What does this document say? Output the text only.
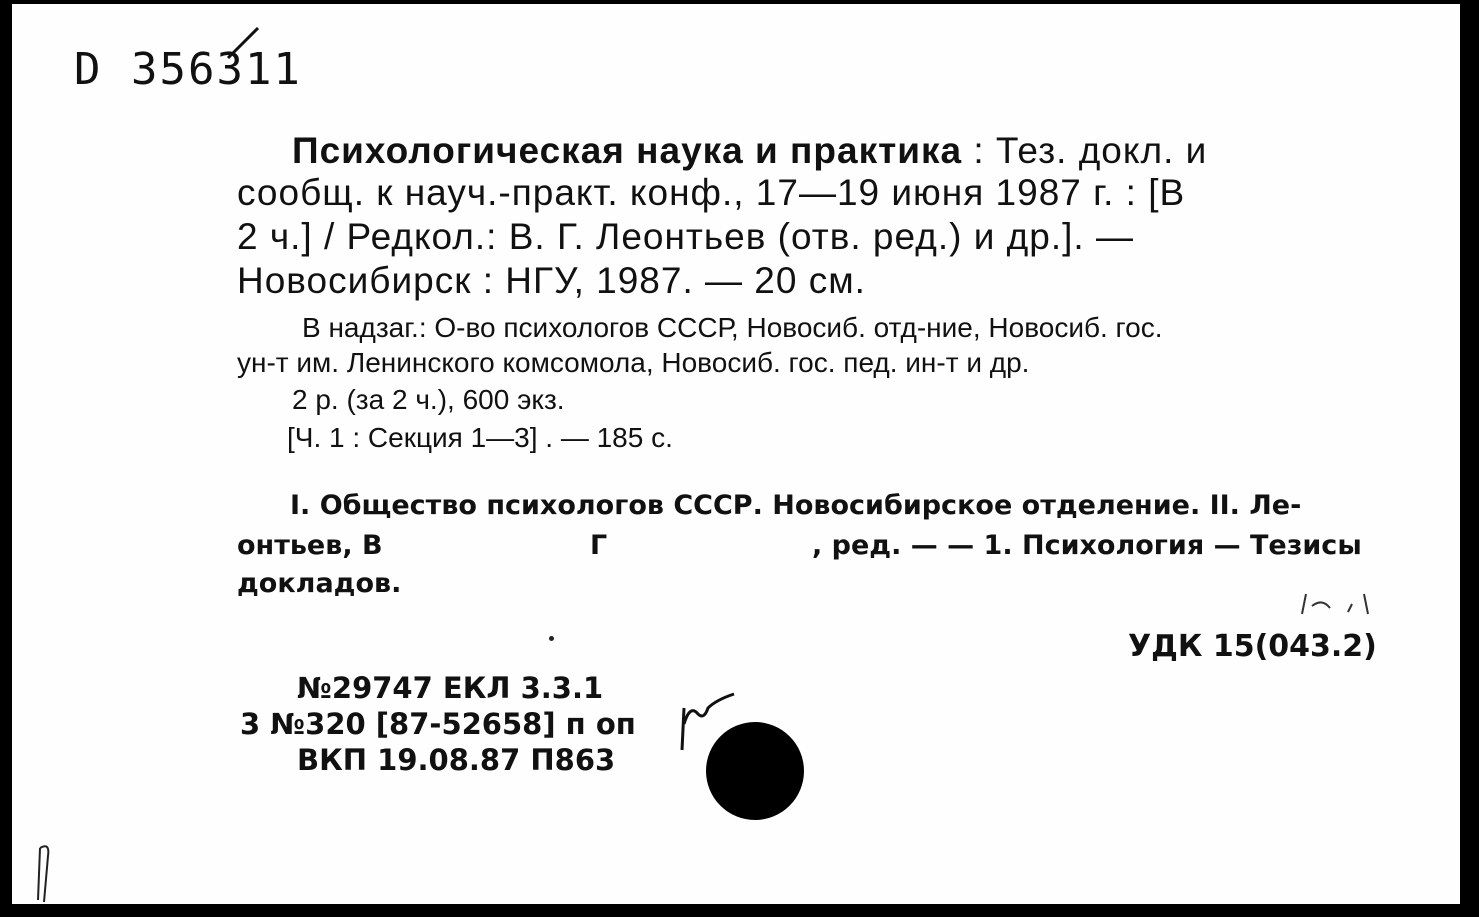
D 356311
Психологическая наука и практика : Тез. докл. и
сообщ. к науч.-практ. конф., 17—19 июня 1987 г. : [В
2 ч.] / Редкол.: В. Г. Леонтьев (отв. ред.) и др.]. —
Новосибирск : НГУ, 1987. — 20 см.
В надзаг.: О-во психологов СССР, Новосиб. отд-ние, Новосиб. гос.
ун-т им. Ленинского комсомола, Новосиб. гос. пед. ин-т и др.
2 р. (за 2 ч.), 600 экз.
[Ч. 1 : Секция 1—3] . — 185 с.
I. Общество психологов СССР. Новосибирское отделение. II. Ле-
онтьев, В	Г	, ред. — — 1. Психология — Тезисы
докладов.
УДК 15(043.2)
№29747 ЕКЛ 3.3.1
3 №320 [87-52658] п оп
ВКП 19.08.87 П863
